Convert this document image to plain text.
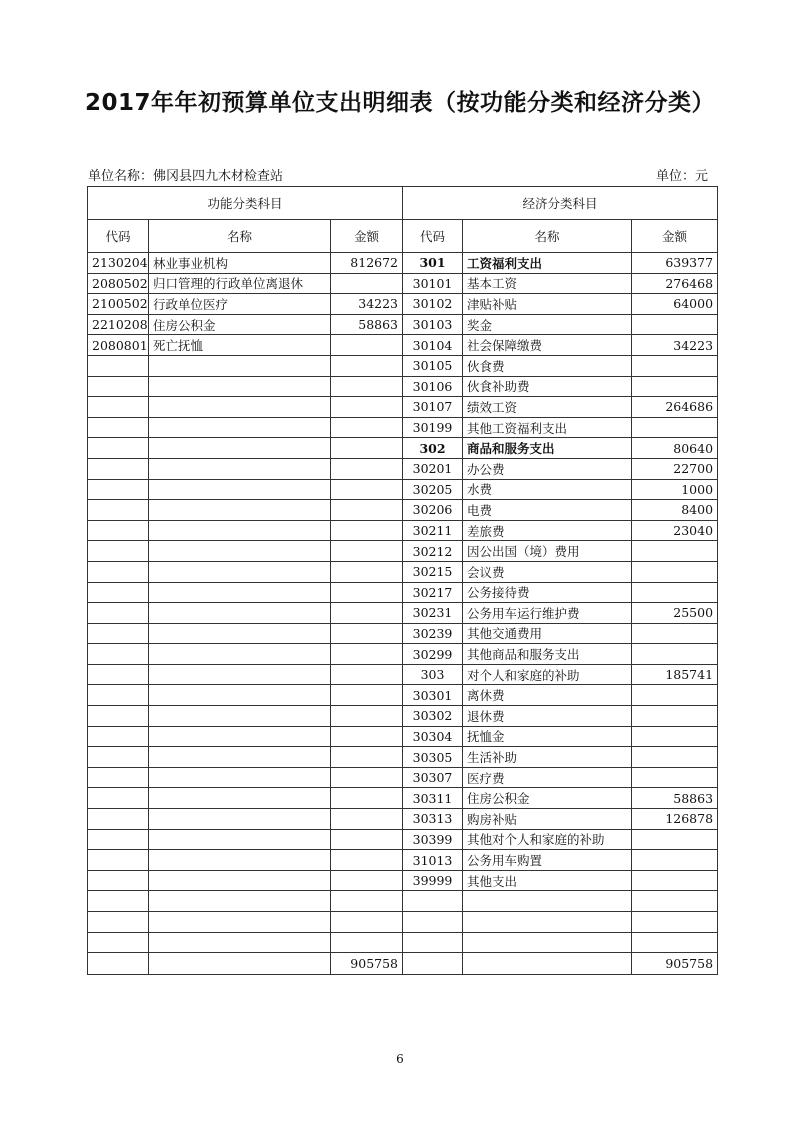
2017年年初预算单位支出明细表（按功能分类和经济分类）
单位名称：佛冈县四九木材检查站	单位：元
功能分类科目			经济分类科目		
代码	名称	金额	代码	名称	金额
2130204	林业事业机构	812672	301	工资福利支出	639377
2080502	归口管理的行政单位离退休		30101	基本工资	276468
2100502	行政单位医疗	34223	30102	津贴补贴	64000
2210208	住房公积金	58863	30103	奖金	
2080801	死亡抚恤		30104	社会保障缴费	34223
			30105	伙食费	
			30106	伙食补助费	
			30107	绩效工资	264686
			30199	其他工资福利支出	
			302	商品和服务支出	80640
			30201	办公费	22700
			30205	水费	1000
			30206	电费	8400
			30211	差旅费	23040
			30212	因公出国（境）费用	
			30215	会议费	
			30217	公务接待费	
			30231	公务用车运行维护费	25500
			30239	其他交通费用	
			30299	其他商品和服务支出	
			303	对个人和家庭的补助	185741
			30301	离休费	
			30302	退休费	
			30304	抚恤金	
			30305	生活补助	
			30307	医疗费	
			30311	住房公积金	58863
			30313	购房补贴	126878
			30399	其他对个人和家庭的补助	
			31013	公务用车购置	
			39999	其他支出	

		905758			905758
6
